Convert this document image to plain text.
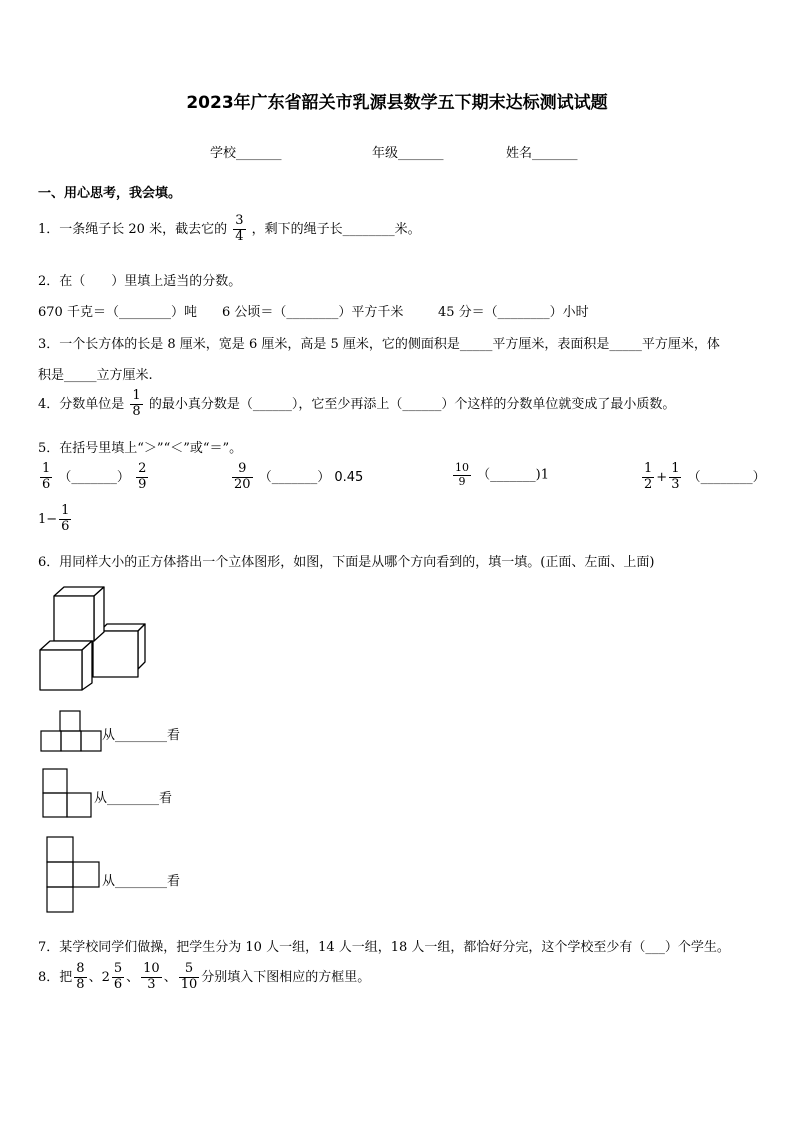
2023年广东省韶关市乳源县数学五下期末达标测试试题
学校_______	年级_______	姓名_______
一、用心思考，我会填。
1．一条绳子长 20 米，截去它的 $\frac{3}{4}$ ，剩下的绳子长________米。
2．在（　　）里填上适当的分数。
670 千克＝（________）吨 6 公顷＝（________）平方千米	45 分＝（________）小时
3．一个长方体的长是 8 厘米，宽是 6 厘米，高是 5 厘米，它的侧面积是_____平方厘米，表面积是_____平方厘米，体
积是_____立方厘米.
4．分数单位是 $\frac{1}{8}$ 的最小真分数是（______），它至少再添上（______）个这样的分数单位就变成了最小质数。
5．在括号里填上“＞”“＜”或“＝”。
$\frac{1}{6}$ （_______） $\frac{2}{9}$	$\frac{9}{20}$ （_______） 0.45	$\frac{10}{9}$ （_______)1	$\frac{1}{2} + \frac{1}{3}$ （________）
$1- \frac{1}{6}$
6．用同样大小的正方体搭出一个立体图形，如图，下面是从哪个方向看到的，填一填。(正面、左面、上面)
从________看
从________看
从________看
7．某学校同学们做操，把学生分为 10 人一组，14 人一组，18 人一组，都恰好分完，这个学校至少有（___）个学生。
8．把 $\frac{8}{8}$ 、$2 \frac{5}{6}$ 、 $\frac{10}{3}$ 、 $\frac{5}{10}$ 分别填入下图相应的方框里。
